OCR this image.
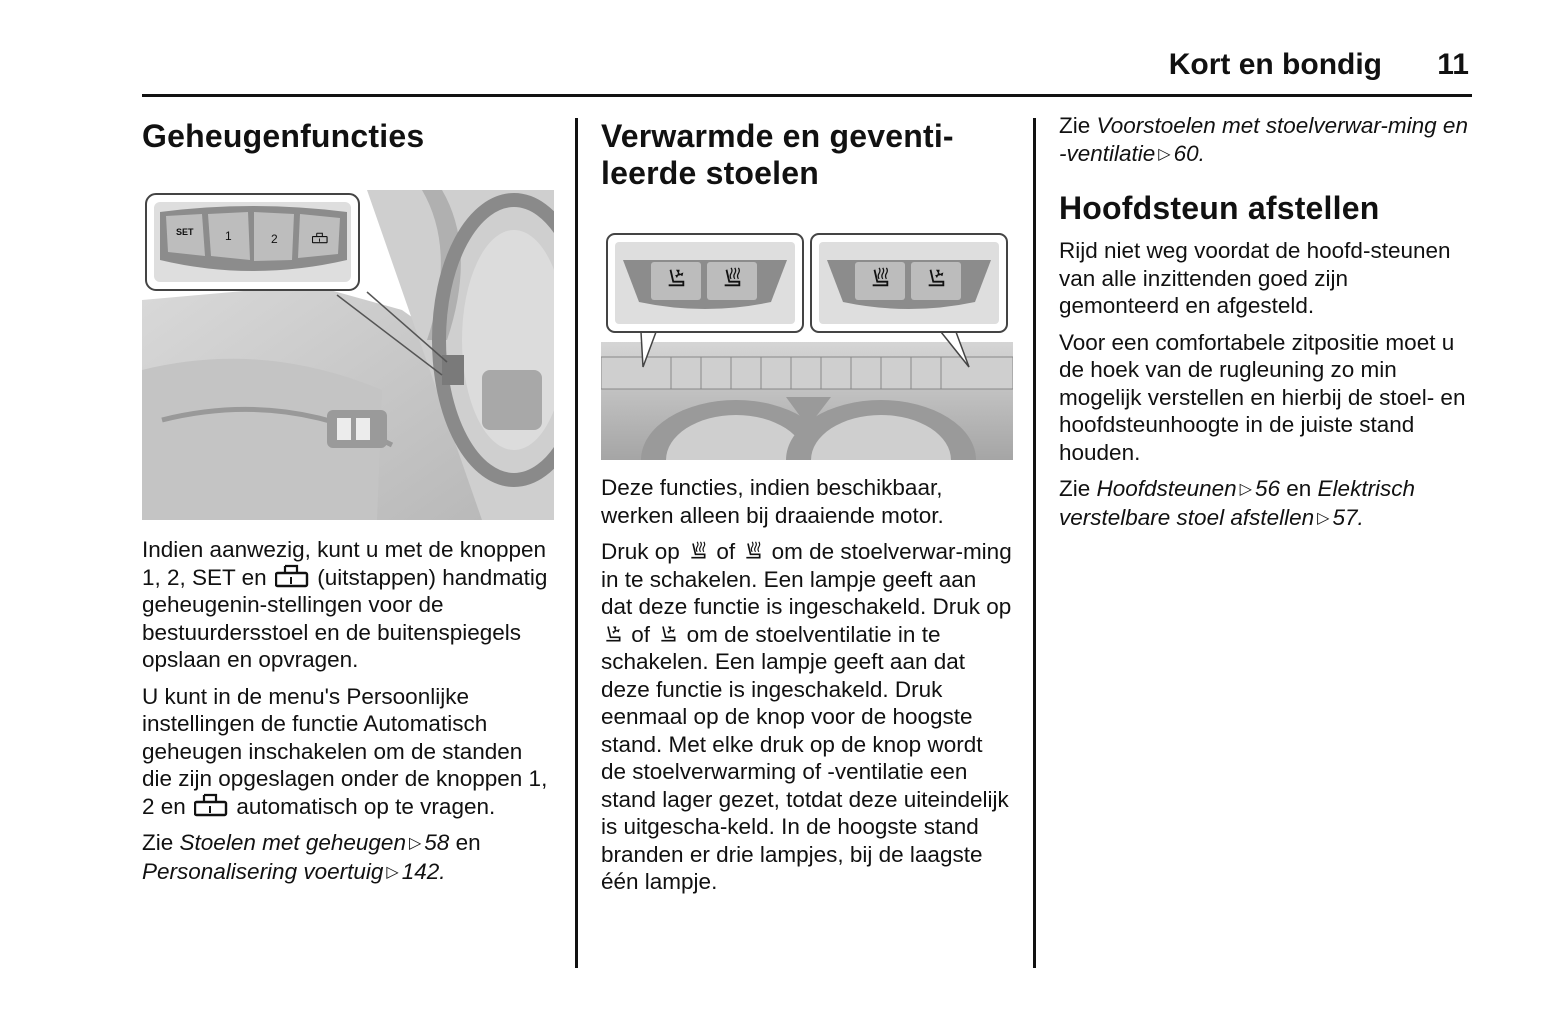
Kort en bondig 11
Geheugenfuncties
SET	1	2

Indien aanwezig, kunt u met de knoppen 1, 2, SET en (uitstappen) handmatig geheugenin-stellingen voor de bestuurdersstoel en de buitenspiegels opslaan en opvragen.

U kunt in de menu's Persoonlijke instellingen de functie Automatisch geheugen inschakelen om de standen die zijn opgeslagen onder de knoppen 1, 2 en automatisch op te vragen.

Zie Stoelen met geheugen ▷ 58 en Personalisering voertuig ▷ 142.

Verwarmde en geventi-
leerde stoelen

Deze functies, indien beschikbaar, werken alleen bij draaiende motor.

Druk op of om de stoelverwar-ming in te schakelen. Een lampje geeft aan dat deze functie is ingeschakeld. Druk op  of om de stoelventilatie in te schakelen. Een lampje geeft aan dat deze functie is ingeschakeld. Druk eenmaal op de knop voor de hoogste stand. Met elke druk op de knop wordt de stoelverwarming of -ventilatie een stand lager gezet, totdat deze uiteindelijk is uitgescha-keld. In de hoogste stand branden er drie lampjes, bij de laagste één lampje.

Zie Voorstoelen met stoelverwar-ming en -ventilatie ▷ 60.

Hoofdsteun afstellen

Rijd niet weg voordat de hoofd-steunen van alle inzittenden goed zijn gemonteerd en afgesteld.

Voor een comfortabele zitpositie moet u de hoek van de rugleuning zo min mogelijk verstellen en hierbij de stoel- en hoofdsteunhoogte in de juiste stand houden.

Zie Hoofdsteunen ▷ 56 en Elektrisch verstelbare stoel afstellen ▷ 57.
